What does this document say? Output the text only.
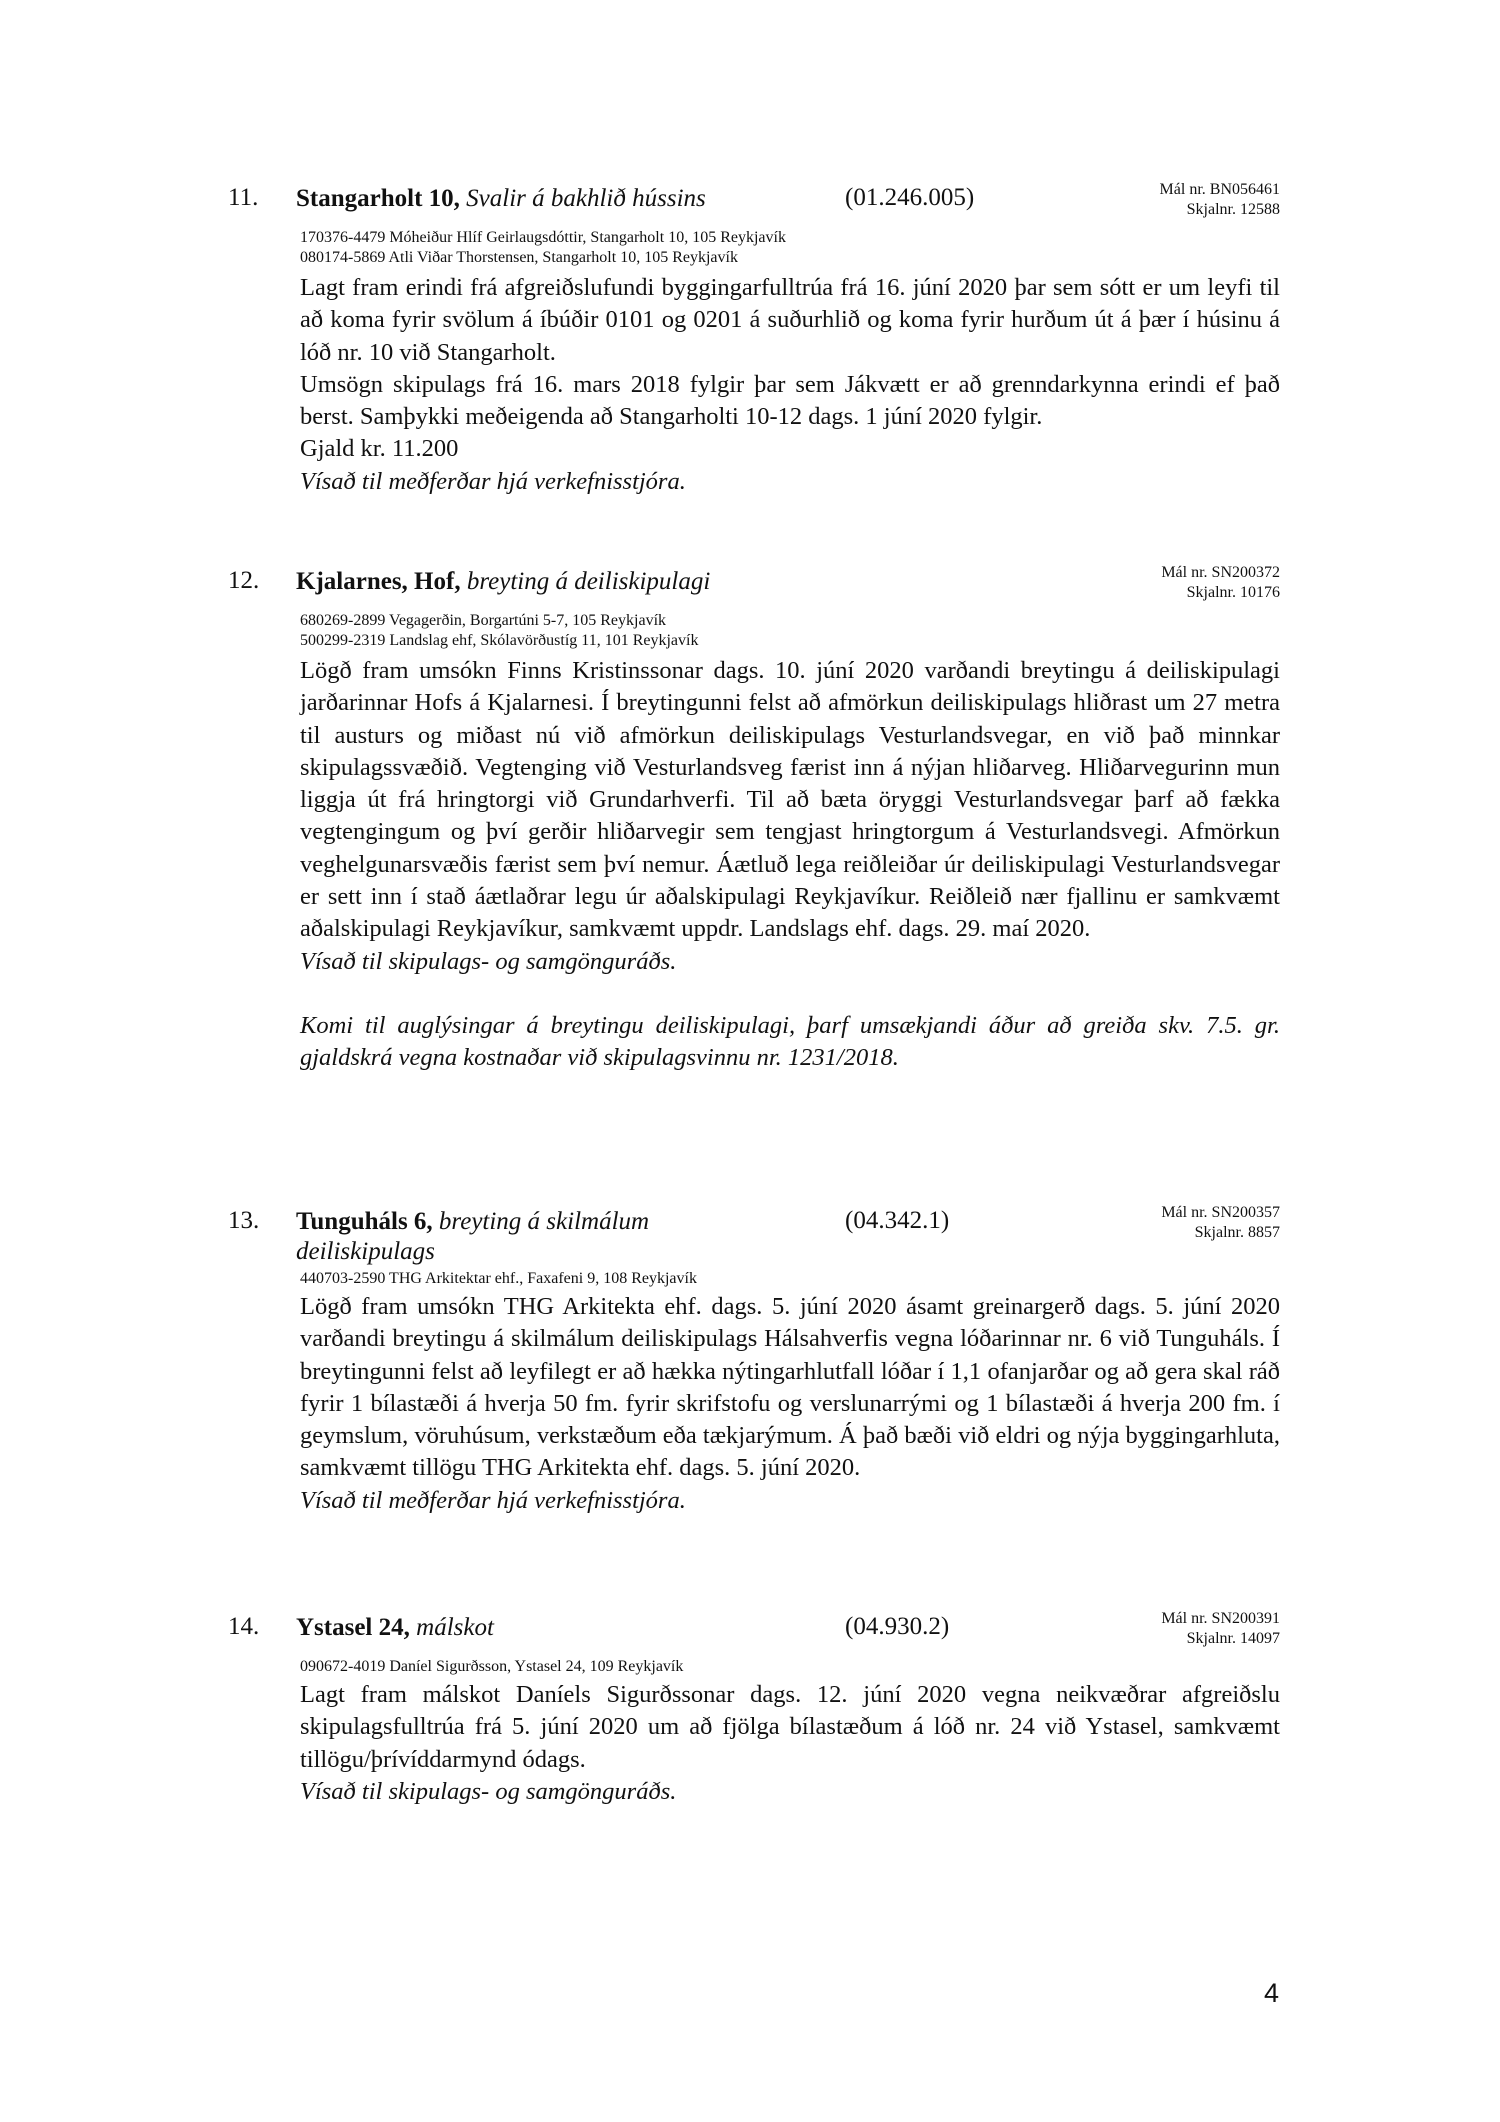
11. Stangarholt 10, Svalir á bakhlið hússins	(01.246.005)	Mál nr. BN056461
Skjalnr. 12588
170376-4479 Móheiður Hlíf Geirlaugsdóttir, Stangarholt 10, 105 Reykjavík
080174-5869 Atli Viðar Thorstensen, Stangarholt 10, 105 Reykjavík

Lagt fram erindi frá afgreiðslufundi byggingarfulltrúa frá 16. júní 2020 þar sem sótt er um leyfi til að koma fyrir svölum á íbúðir 0101 og 0201 á suðurhlið og koma fyrir hurðum út á þær í húsinu á lóð nr. 10 við Stangarholt.

Umsögn skipulags frá 16. mars 2018 fylgir þar sem Jákvætt er að grenndarkynna erindi ef það berst. Samþykki meðeigenda að Stangarholti 10-12 dags. 1 júní 2020 fylgir.

Gjald kr. 11.200

Vísað til meðferðar hjá verkefnisstjóra.

12. Kjalarnes, Hof, breyting á deiliskipulagi	Mál nr. SN200372
Skjalnr. 10176
680269-2899 Vegagerðin, Borgartúni 5-7, 105 Reykjavík
500299-2319 Landslag ehf, Skólavörðustíg 11, 101 Reykjavík

Lögð fram umsókn Finns Kristinssonar dags. 10. júní 2020 varðandi breytingu á deiliskipulagi jarðarinnar Hofs á Kjalarnesi. Í breytingunni felst að afmörkun deiliskipulags hliðrast um 27 metra til austurs og miðast nú við afmörkun deiliskipulags Vesturlandsvegar, en við það minnkar skipulagssvæðið. Vegtenging við Vesturlandsveg færist inn á nýjan hliðarveg. Hliðarvegurinn mun liggja út frá hringtorgi við Grundarhverfi. Til að bæta öryggi Vesturlandsvegar þarf að fækka vegtengingum og því gerðir hliðarvegir sem tengjast hringtorgum á Vesturlandsvegi. Afmörkun veghelgunarsvæðis færist sem því nemur. Áætluð lega reiðleiðar úr deiliskipulagi Vesturlandsvegar er sett inn í stað áætlaðrar legu úr aðalskipulagi Reykjavíkur. Reiðleið nær fjallinu er samkvæmt aðalskipulagi Reykjavíkur, samkvæmt uppdr. Landslags ehf. dags. 29. maí 2020.

Vísað til skipulags- og samgönguráðs.

Komi til auglýsingar á breytingu deiliskipulagi, þarf umsækjandi áður að greiða skv. 7.5. gr. gjaldskrá vegna kostnaðar við skipulagsvinnu nr. 1231/2018.

13. Tunguháls 6, breyting á skilmálum deiliskipulags
(04.342.1)	Mál nr. SN200357
Skjalnr. 8857
440703-2590 THG Arkitektar ehf., Faxafeni 9, 108 Reykjavík

Lögð fram umsókn THG Arkitekta ehf. dags. 5. júní 2020 ásamt greinargerð dags. 5. júní 2020 varðandi breytingu á skilmálum deiliskipulags Hálsahverfis vegna lóðarinnar nr. 6 við Tunguháls. Í breytingunni felst að leyfilegt er að hækka nýtingarhlutfall lóðar í 1,1 ofanjarðar og að gera skal ráð fyrir 1 bílastæði á hverja 50 fm. fyrir skrifstofu og verslunarrými og 1 bílastæði á hverja 200 fm. í geymslum, vöruhúsum, verkstæðum eða tækjarýmum. Á það bæði við eldri og nýja byggingarhluta, samkvæmt tillögu THG Arkitekta ehf. dags. 5. júní 2020.

Vísað til meðferðar hjá verkefnisstjóra.

14. Ystasel 24, málskot	(04.930.2)	Mál nr. SN200391
Skjalnr. 14097
090672-4019 Daníel Sigurðsson, Ystasel 24, 109 Reykjavík

Lagt fram málskot Daníels Sigurðssonar dags. 12. júní 2020 vegna neikvæðrar afgreiðslu skipulagsfulltrúa frá 5. júní 2020 um að fjölga bílastæðum á lóð nr. 24 við Ystasel, samkvæmt tillögu/þrívíddarmynd ódags.

Vísað til skipulags- og samgönguráðs.

4
